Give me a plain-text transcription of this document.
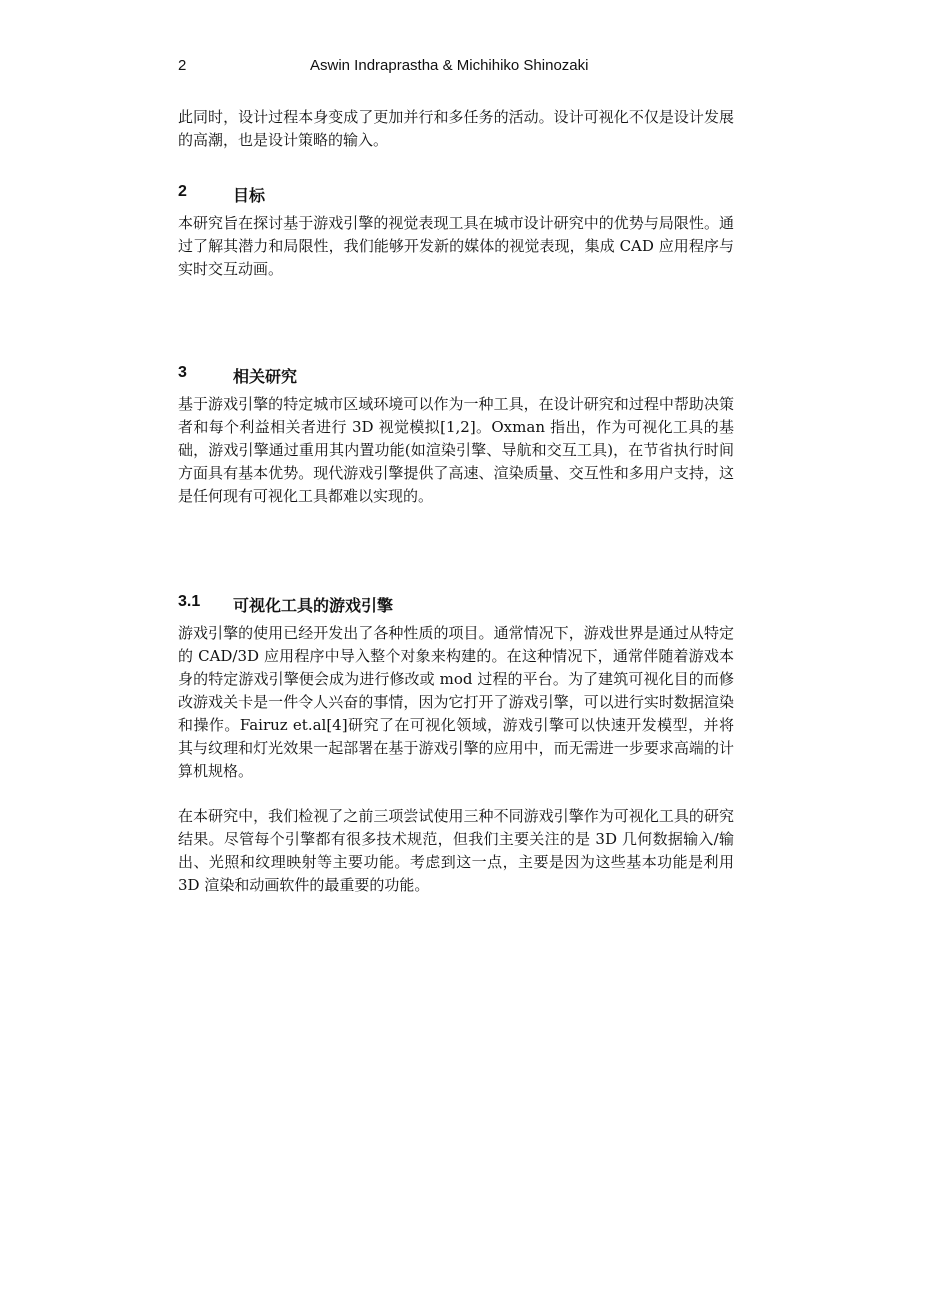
2	Aswin Indraprastha & Michihiko Shinozaki

此同时，设计过程本身变成了更加并行和多任务的活动。设计可视化不仅是设计发展的高潮，也是设计策略的输入。

2	目标

本研究旨在探讨基于游戏引擎的视觉表现工具在城市设计研究中的优势与局限性。通过了解其潜力和局限性，我们能够开发新的媒体的视觉表现，集成 CAD 应用程序与实时交互动画。

3	相关研究

基于游戏引擎的特定城市区域环境可以作为一种工具，在设计研究和过程中帮助决策者和每个利益相关者进行 3D 视觉模拟[1,2]。Oxman 指出，作为可视化工具的基础，游戏引擎通过重用其内置功能(如渲染引擎、导航和交互工具)，在节省执行时间方面具有基本优势。现代游戏引擎提供了高速、渲染质量、交互性和多用户支持，这是任何现有可视化工具都难以实现的。

3.1 可视化工具的游戏引擎

游戏引擎的使用已经开发出了各种性质的项目。通常情况下，游戏世界是通过从特定的 CAD/3D 应用程序中导入整个对象来构建的。在这种情况下，通常伴随着游戏本身的特定游戏引擎便会成为进行修改或 mod 过程的平台。为了建筑可视化目的而修改游戏关卡是一件令人兴奋的事情，因为它打开了游戏引擎，可以进行实时数据渲染和操作。Fairuz et.al[4]研究了在可视化领域，游戏引擎可以快速开发模型，并将其与纹理和灯光效果一起部署在基于游戏引擎的应用中，而无需进一步要求高端的计算机规格。

在本研究中，我们检视了之前三项尝试使用三种不同游戏引擎作为可视化工具的研究结果。尽管每个引擎都有很多技术规范，但我们主要关注的是 3D 几何数据输入/输出、光照和纹理映射等主要功能。考虑到这一点，主要是因为这些基本功能是利用 3D 渲染和动画软件的最重要的功能。
